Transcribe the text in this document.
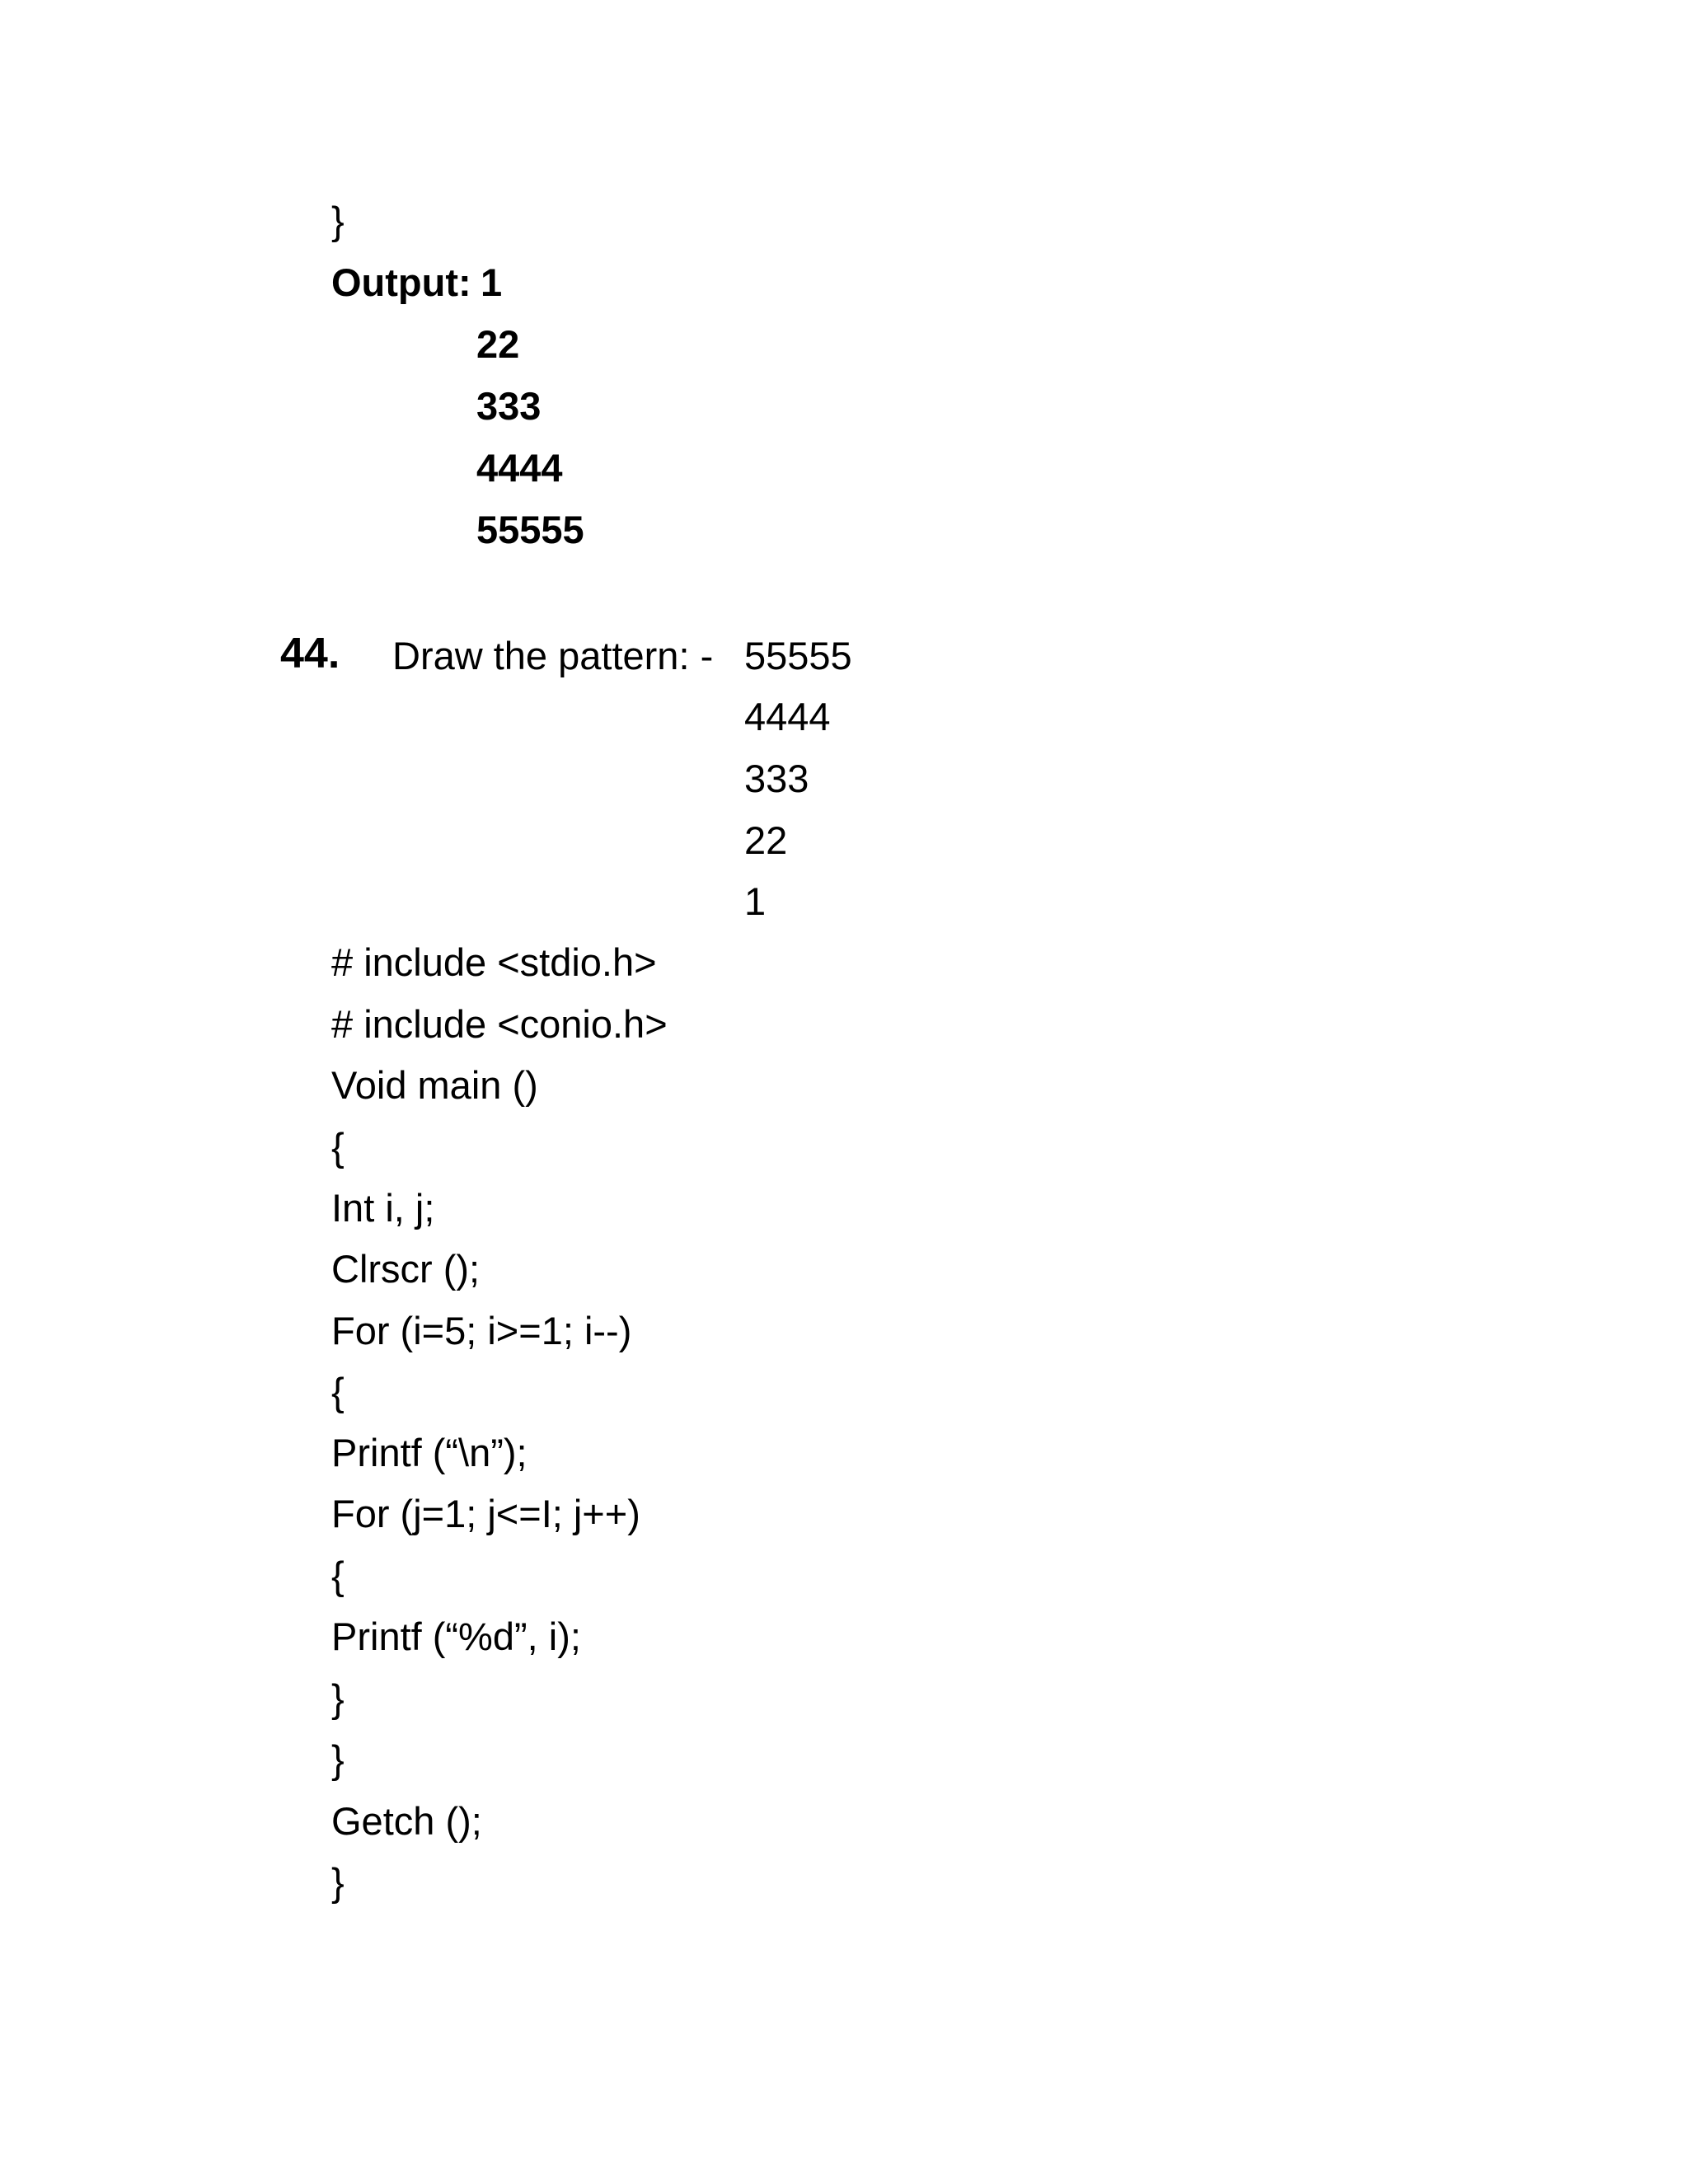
}
Output: 1
22
333
4444
55555
44. Draw the pattern: - 55555
4444
333
22
1
# include <stdio.h>
# include <conio.h>
Void main ()
{
Int i, j;
Clrscr ();
For (i=5; i>=1; i--)
{
Printf (“\n”);
For (j=1; j<=I; j++)
{
Printf (“%d”, i);
}
}
Getch ();
}
